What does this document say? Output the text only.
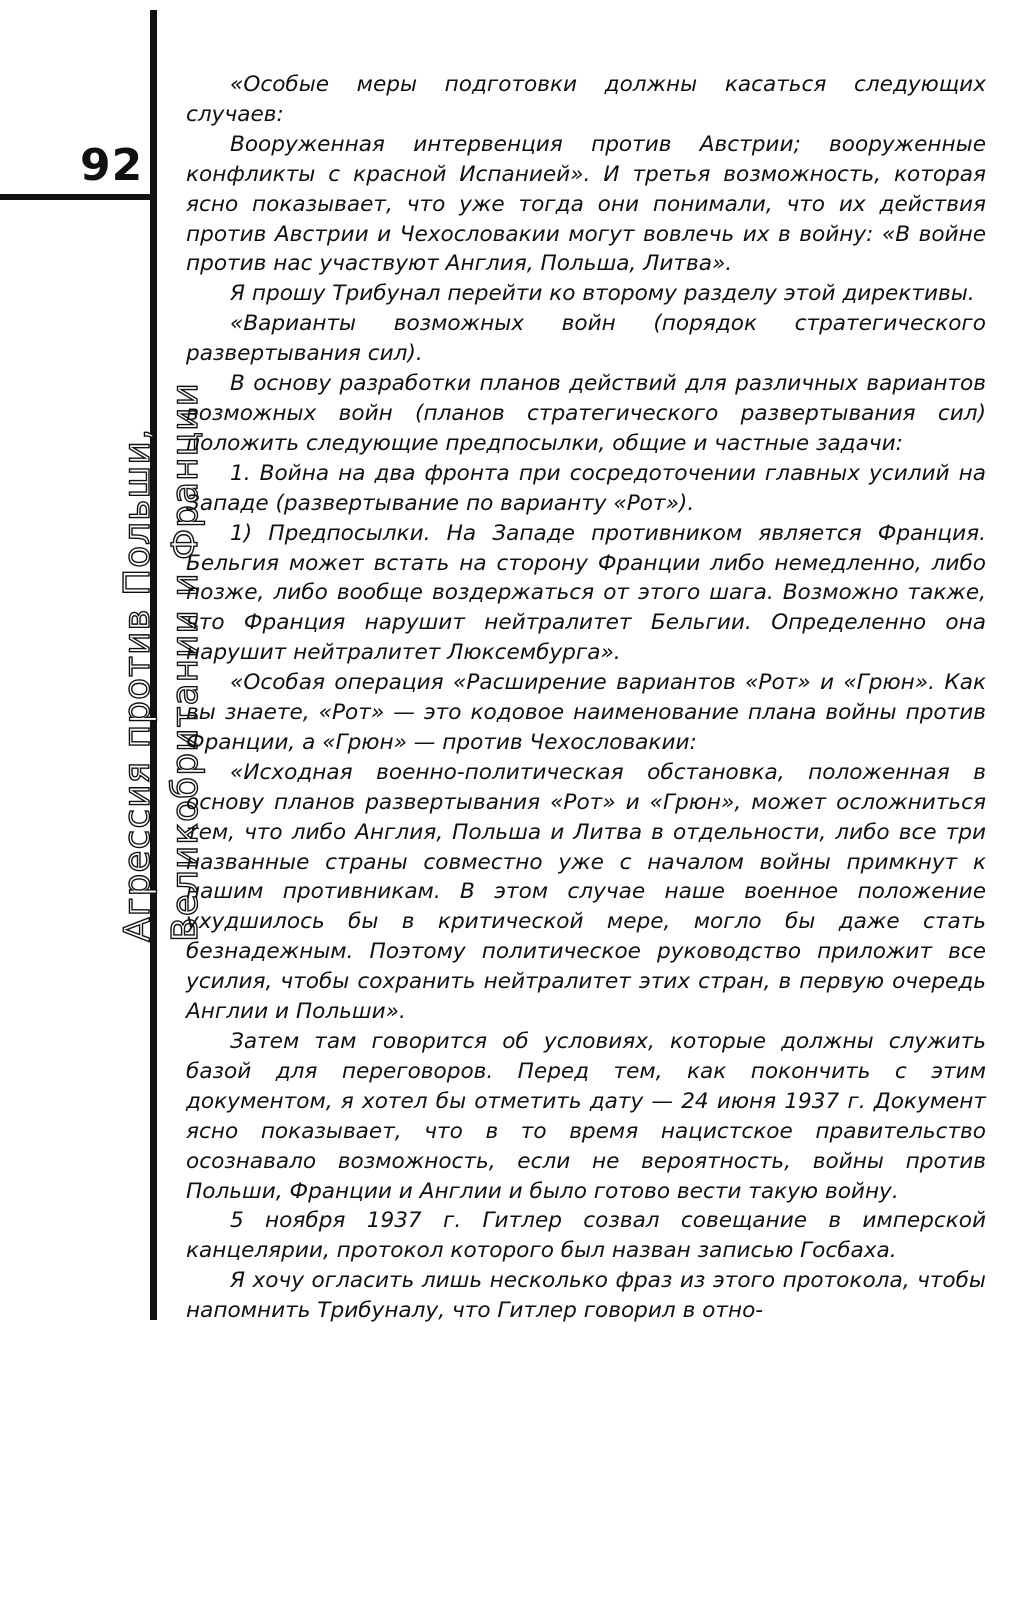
92
Агрессия против Польши, Великобритании и Франции

«Особые меры подготовки должны касаться следующих случаев:

Вооруженная интервенция против Австрии; вооруженные конфликты с красной Испанией». И третья возможность, которая ясно показывает, что уже тогда они понимали, что их действия против Австрии и Чехословакии могут вовлечь их в войну: «В войне против нас участвуют Англия, Польша, Литва».

Я прошу Трибунал перейти ко второму разделу этой директивы.

«Варианты возможных войн (порядок стратегического развертывания сил).

В основу разработки планов действий для различных вариантов возможных войн (планов стратегического развертывания сил) положить следующие предпосылки, общие и частные задачи:

1. Война на два фронта при сосредоточении главных усилий на Западе (развертывание по варианту «Рот»).

1) Предпосылки. На Западе противником является Франция. Бельгия может встать на сторону Франции либо немедленно, либо позже, либо вообще воздержаться от этого шага. Возможно также, что Франция нарушит нейтралитет Бельгии. Определенно она нарушит нейтралитет Люксембурга».

«Особая операция «Расширение вариантов «Рот» и «Грюн». Как вы знаете, «Рот» — это кодовое наименование плана войны против Франции, а «Грюн» — против Чехословакии:

«Исходная военно-политическая обстановка, положенная в основу планов развертывания «Рот» и «Грюн», может осложниться тем, что либо Англия, Польша и Литва в отдельности, либо все три названные страны совместно уже с началом войны примкнут к нашим противникам. В этом случае наше военное положение ухудшилось бы в критической мере, могло бы даже стать безнадежным. Поэтому политическое руководство приложит все усилия, чтобы сохранить нейтралитет этих стран, в первую очередь Англии и Польши».

Затем там говорится об условиях, которые должны служить базой для переговоров. Перед тем, как покончить с этим документом, я хотел бы отметить дату — 24 июня 1937 г. Документ ясно показывает, что в то время нацистское правительство осознавало возможность, если не вероятность, войны против Польши, Франции и Англии и было готово вести такую войну.

5 ноября 1937 г. Гитлер созвал совещание в имперской канцелярии, протокол которого был назван записью Госбаха.

Я хочу огласить лишь несколько фраз из этого протокола, чтобы напомнить Трибуналу, что Гитлер говорил в отно-
